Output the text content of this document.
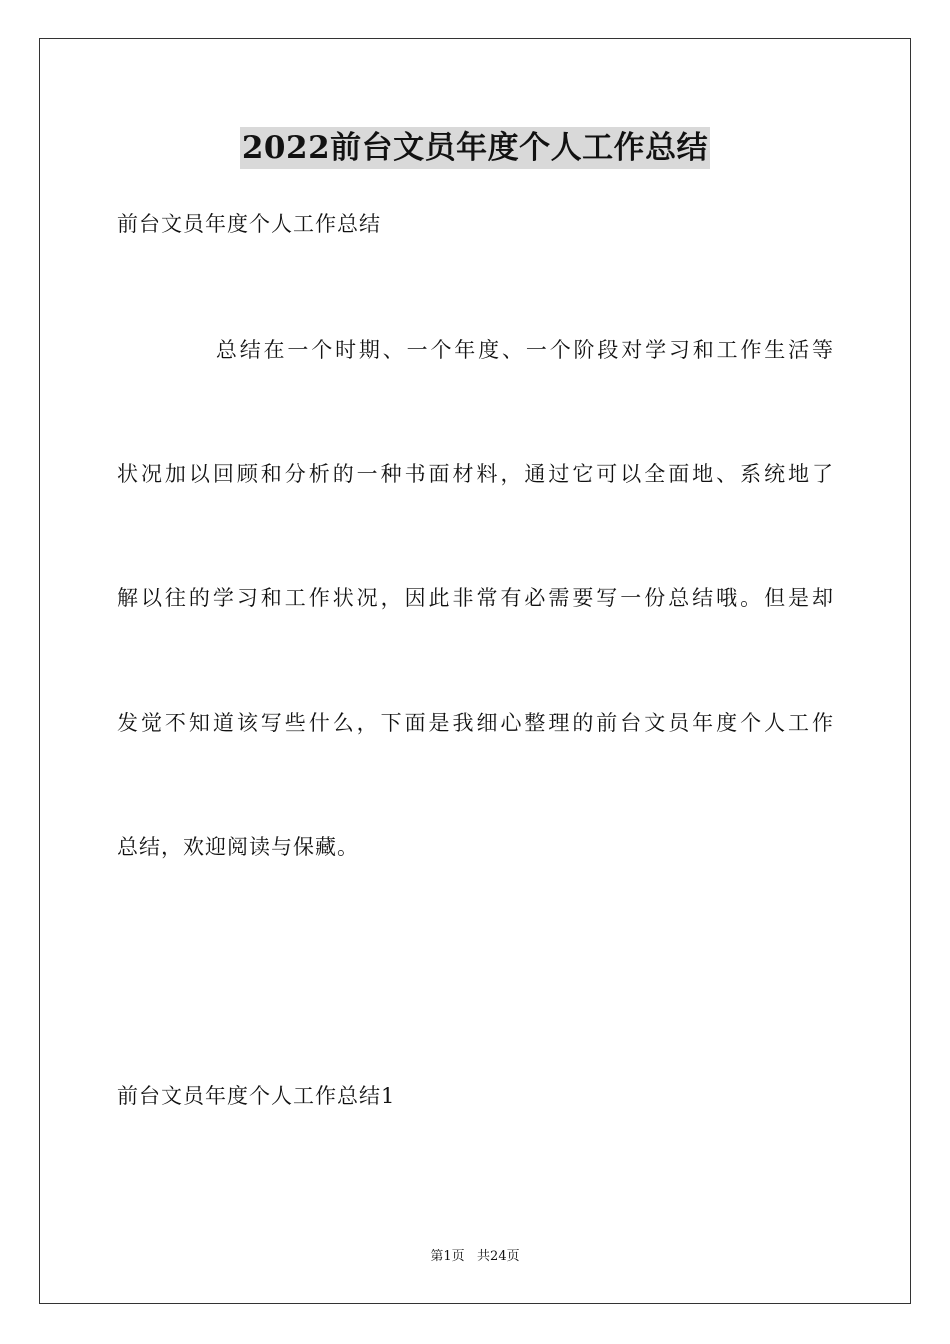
2022前台文员年度个人工作总结
前台文员年度个人工作总结
总结在一个时期、一个年度、一个阶段对学习和工作生活等
状况加以回顾和分析的一种书面材料，通过它可以全面地、系统地了
解以往的学习和工作状况，因此非常有必需要写一份总结哦。但是却
发觉不知道该写些什么，下面是我细心整理的前台文员年度个人工作
总结，欢迎阅读与保藏。
前台文员年度个人工作总结1
第1页   共24页
